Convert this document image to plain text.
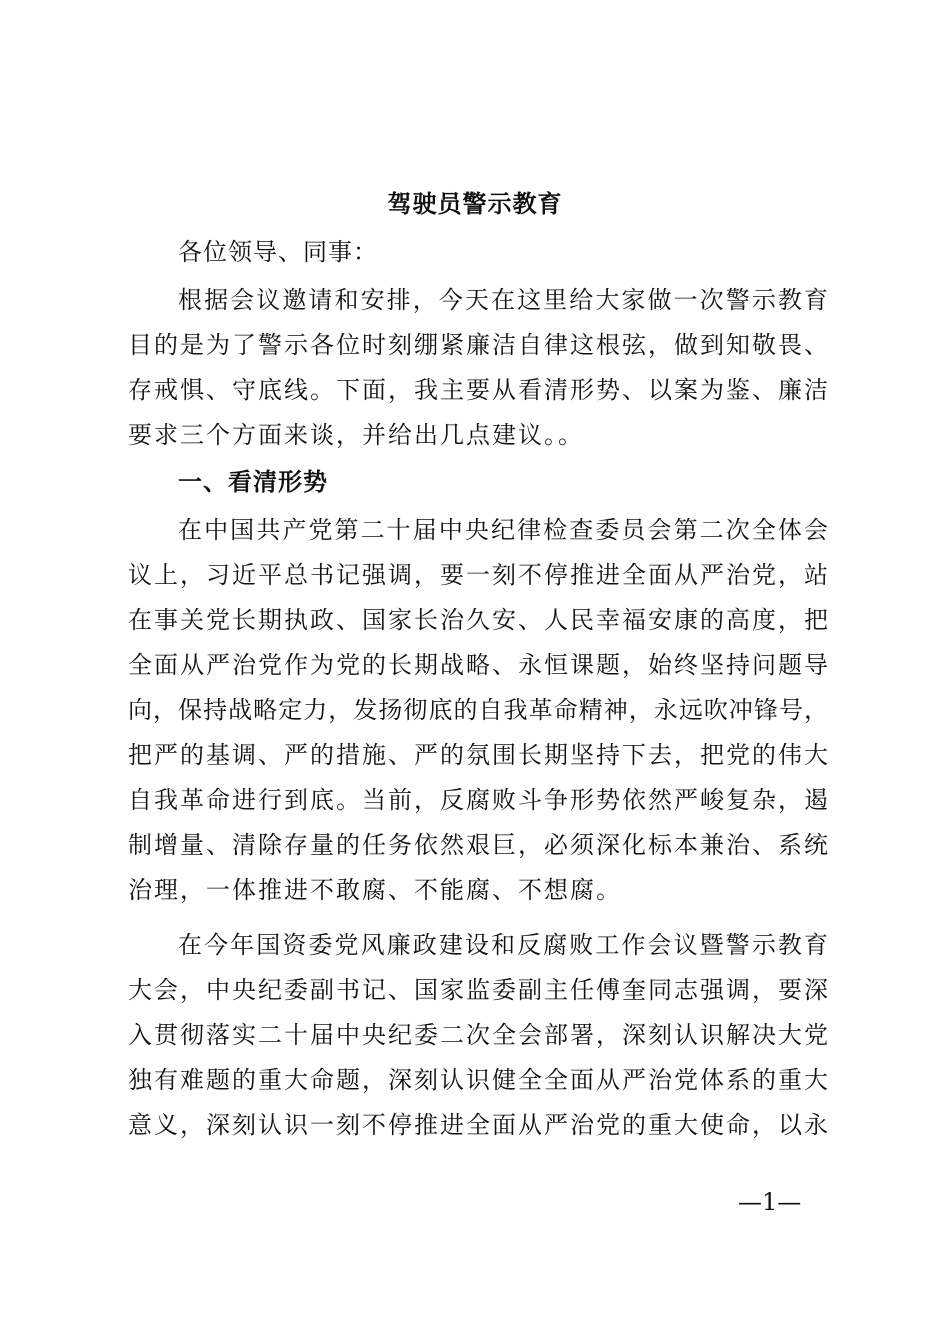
驾驶员警示教育
各位领导、同事：
根据会议邀请和安排，今天在这里给大家做一次警示教育
目的是为了警示各位时刻绷紧廉洁自律这根弦，做到知敬畏、
存戒惧、守底线。下面，我主要从看清形势、以案为鉴、廉洁
要求三个方面来谈，并给出几点建议。。
一、看清形势
在中国共产党第二十届中央纪律检查委员会第二次全体会
议上，习近平总书记强调，要一刻不停推进全面从严治党，站
在事关党长期执政、国家长治久安、人民幸福安康的高度，把
全面从严治党作为党的长期战略、永恒课题，始终坚持问题导
向，保持战略定力，发扬彻底的自我革命精神，永远吹冲锋号，
把严的基调、严的措施、严的氛围长期坚持下去，把党的伟大
自我革命进行到底。当前，反腐败斗争形势依然严峻复杂，遏
制增量、清除存量的任务依然艰巨，必须深化标本兼治、系统
治理，一体推进不敢腐、不能腐、不想腐。
在今年国资委党风廉政建设和反腐败工作会议暨警示教育
大会，中央纪委副书记、国家监委副主任傅奎同志强调，要深
入贯彻落实二十届中央纪委二次全会部署，深刻认识解决大党
独有难题的重大命题，深刻认识健全全面从严治党体系的重大
意义，深刻认识一刻不停推进全面从严治党的重大使命，以永
—1—
